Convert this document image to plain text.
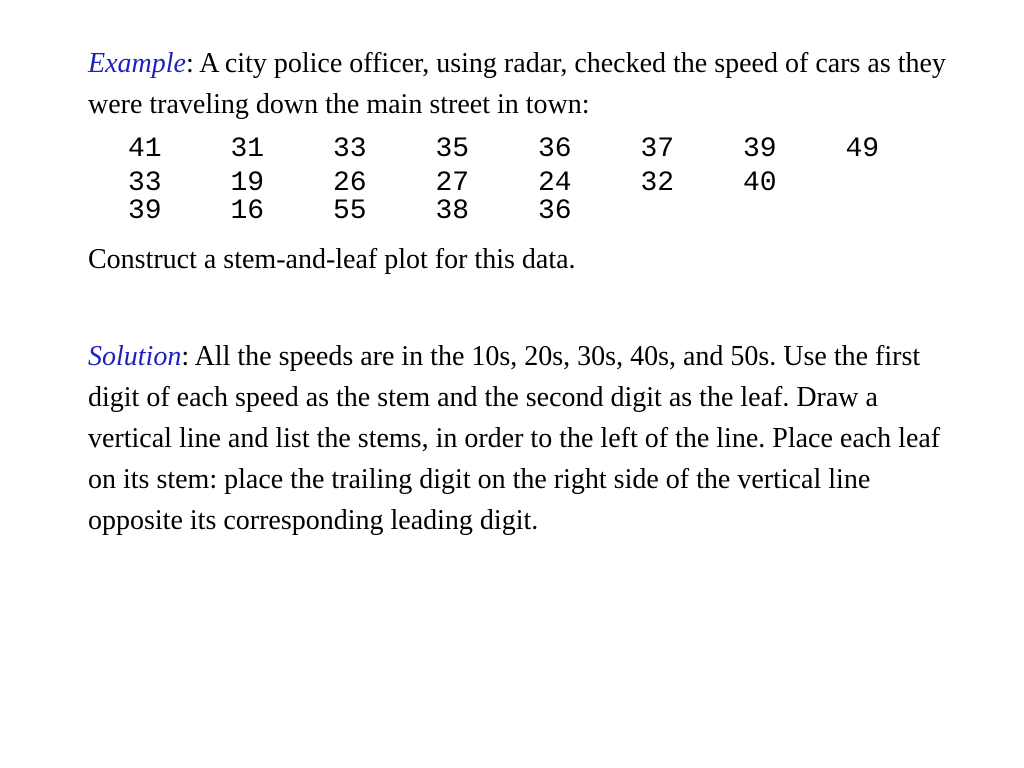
Example: A city police officer, using radar, checked the speed of cars as they were traveling down the main street in town:

41 31 33 35 36 37 39 49
33 19 26 27 24 32 40
39 16 55 38 36

Construct a stem-and-leaf plot for this data.

Solution: All the speeds are in the 10s, 20s, 30s, 40s, and 50s. Use the first digit of each speed as the stem and the second digit as the leaf. Draw a vertical line and list the stems, in order to the left of the line. Place each leaf on its stem: place the trailing digit on the right side of the vertical line opposite its corresponding leading digit.
